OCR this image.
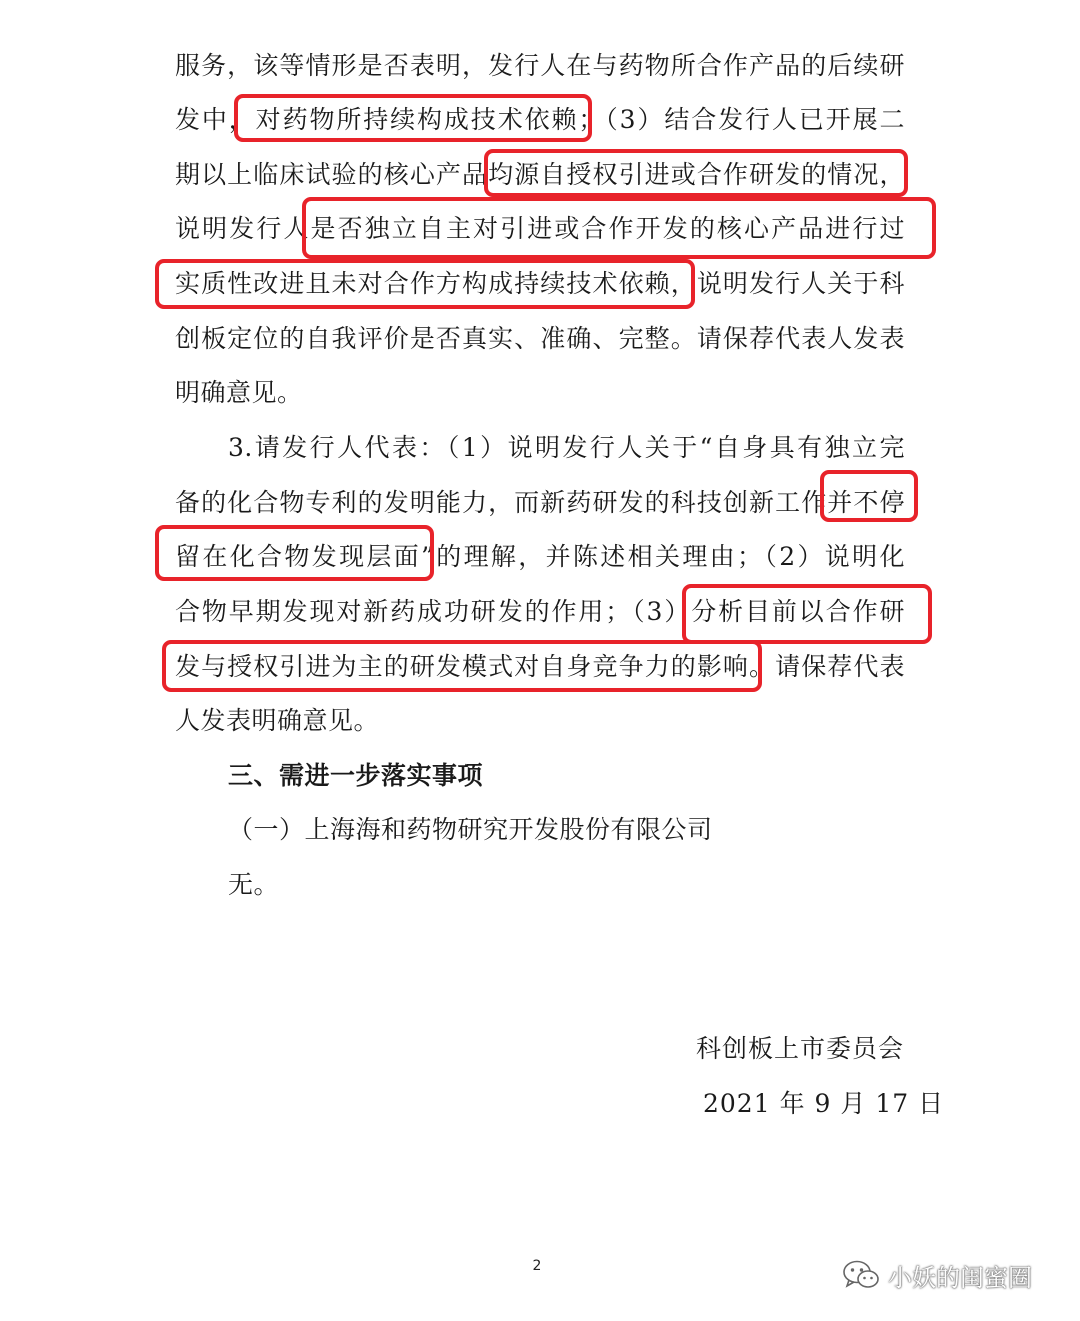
服务，该等情形是否表明，发行人在与药物所合作产品的后续研
发中，对药物所持续构成技术依赖；（3）结合发行人已开展二
期以上临床试验的核心产品均源自授权引进或合作研发的情况，
说明发行人是否独立自主对引进或合作开发的核心产品进行过
实质性改进且未对合作方构成持续技术依赖，说明发行人关于科
创板定位的自我评价是否真实、准确、完整。请保荐代表人发表
明确意见。
3.请发行人代表：（1）说明发行人关于“自身具有独立完
备的化合物专利的发明能力，而新药研发的科技创新工作并不停
留在化合物发现层面”的理解，并陈述相关理由；（2）说明化
合物早期发现对新药成功研发的作用；（3）分析目前以合作研
发与授权引进为主的研发模式对自身竞争力的影响。请保荐代表
人发表明确意见。
三、需进一步落实事项
（一）上海海和药物研究开发股份有限公司
无。
科创板上市委员会
2021 年 9 月 17 日
2	小妖的闺蜜圈
